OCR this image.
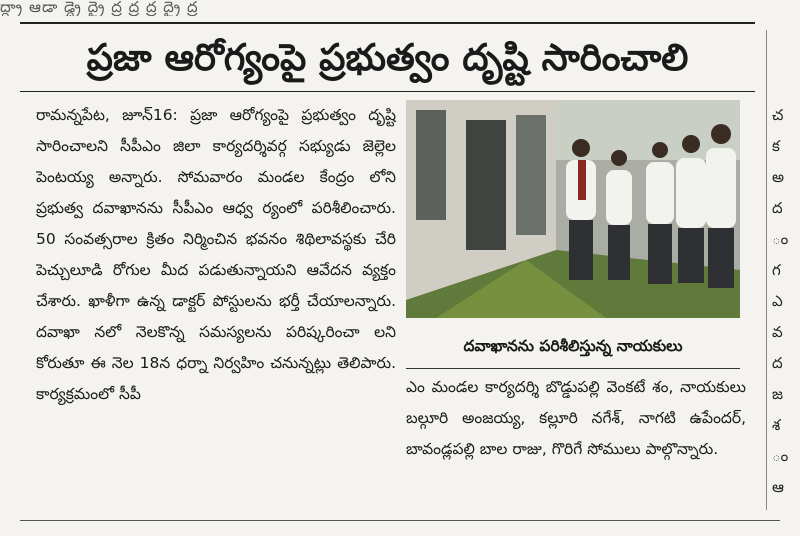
ద్ద్రా ఆడా డ్ద్రై ద్రై ద్ర ద్ర ద్ర ద్రై ద్ర
ప్రజా ఆరోగ్యంపై ప్రభుత్వం దృష్టి సారించాలి
రామన్నపేట, జూన్16: ప్రజా ఆరోగ్యంపై ప్రభుత్వం దృష్టి సారించాలని సీపీఎం జిలా కార్యదర్శివర్గ సభ్యుడు జెల్లెల పెంటయ్య అన్నారు. సోమవారం మండల కేంద్రం లోని ప్రభుత్వ దవాఖానను సీపీఎం ఆధ్వ ర్యంలో పరిశీలించారు. 50 సంవత్సరాల క్రితం నిర్మించిన భవనం శిథిలావస్థకు చేరి పెచ్చులూడి రోగుల మీద పడుతున్నాయని ఆవేదన వ్యక్తం చేశారు. ఖాళీగా ఉన్న డాక్టర్ పోస్టులను భర్తీ చేయాలన్నారు. దవాఖా నలో నెలకొన్న సమస్యలను పరిష్కరించా లని కోరుతూ ఈ నెల 18న ధర్నా నిర్వహిం చనున్నట్లు తెలిపారు. కార్యక్రమంలో సీపీ
దవాఖానను పరిశీలిస్తున్న నాయకులు
ఎం మండల కార్యదర్శి బొడ్డుపల్లి వెంకటే శం, నాయకులు బల్గూరి అంజయ్య, కల్లూరి నగేశ్, నాగటి ఉపేందర్, బావండ్లపల్లి బాల రాజు, గొరిగే సోములు పాల్గొన్నారు.
చ
క
అ
ద
ం
గ
ఎ
వ
ద
జ
శ
ం
ఆ
